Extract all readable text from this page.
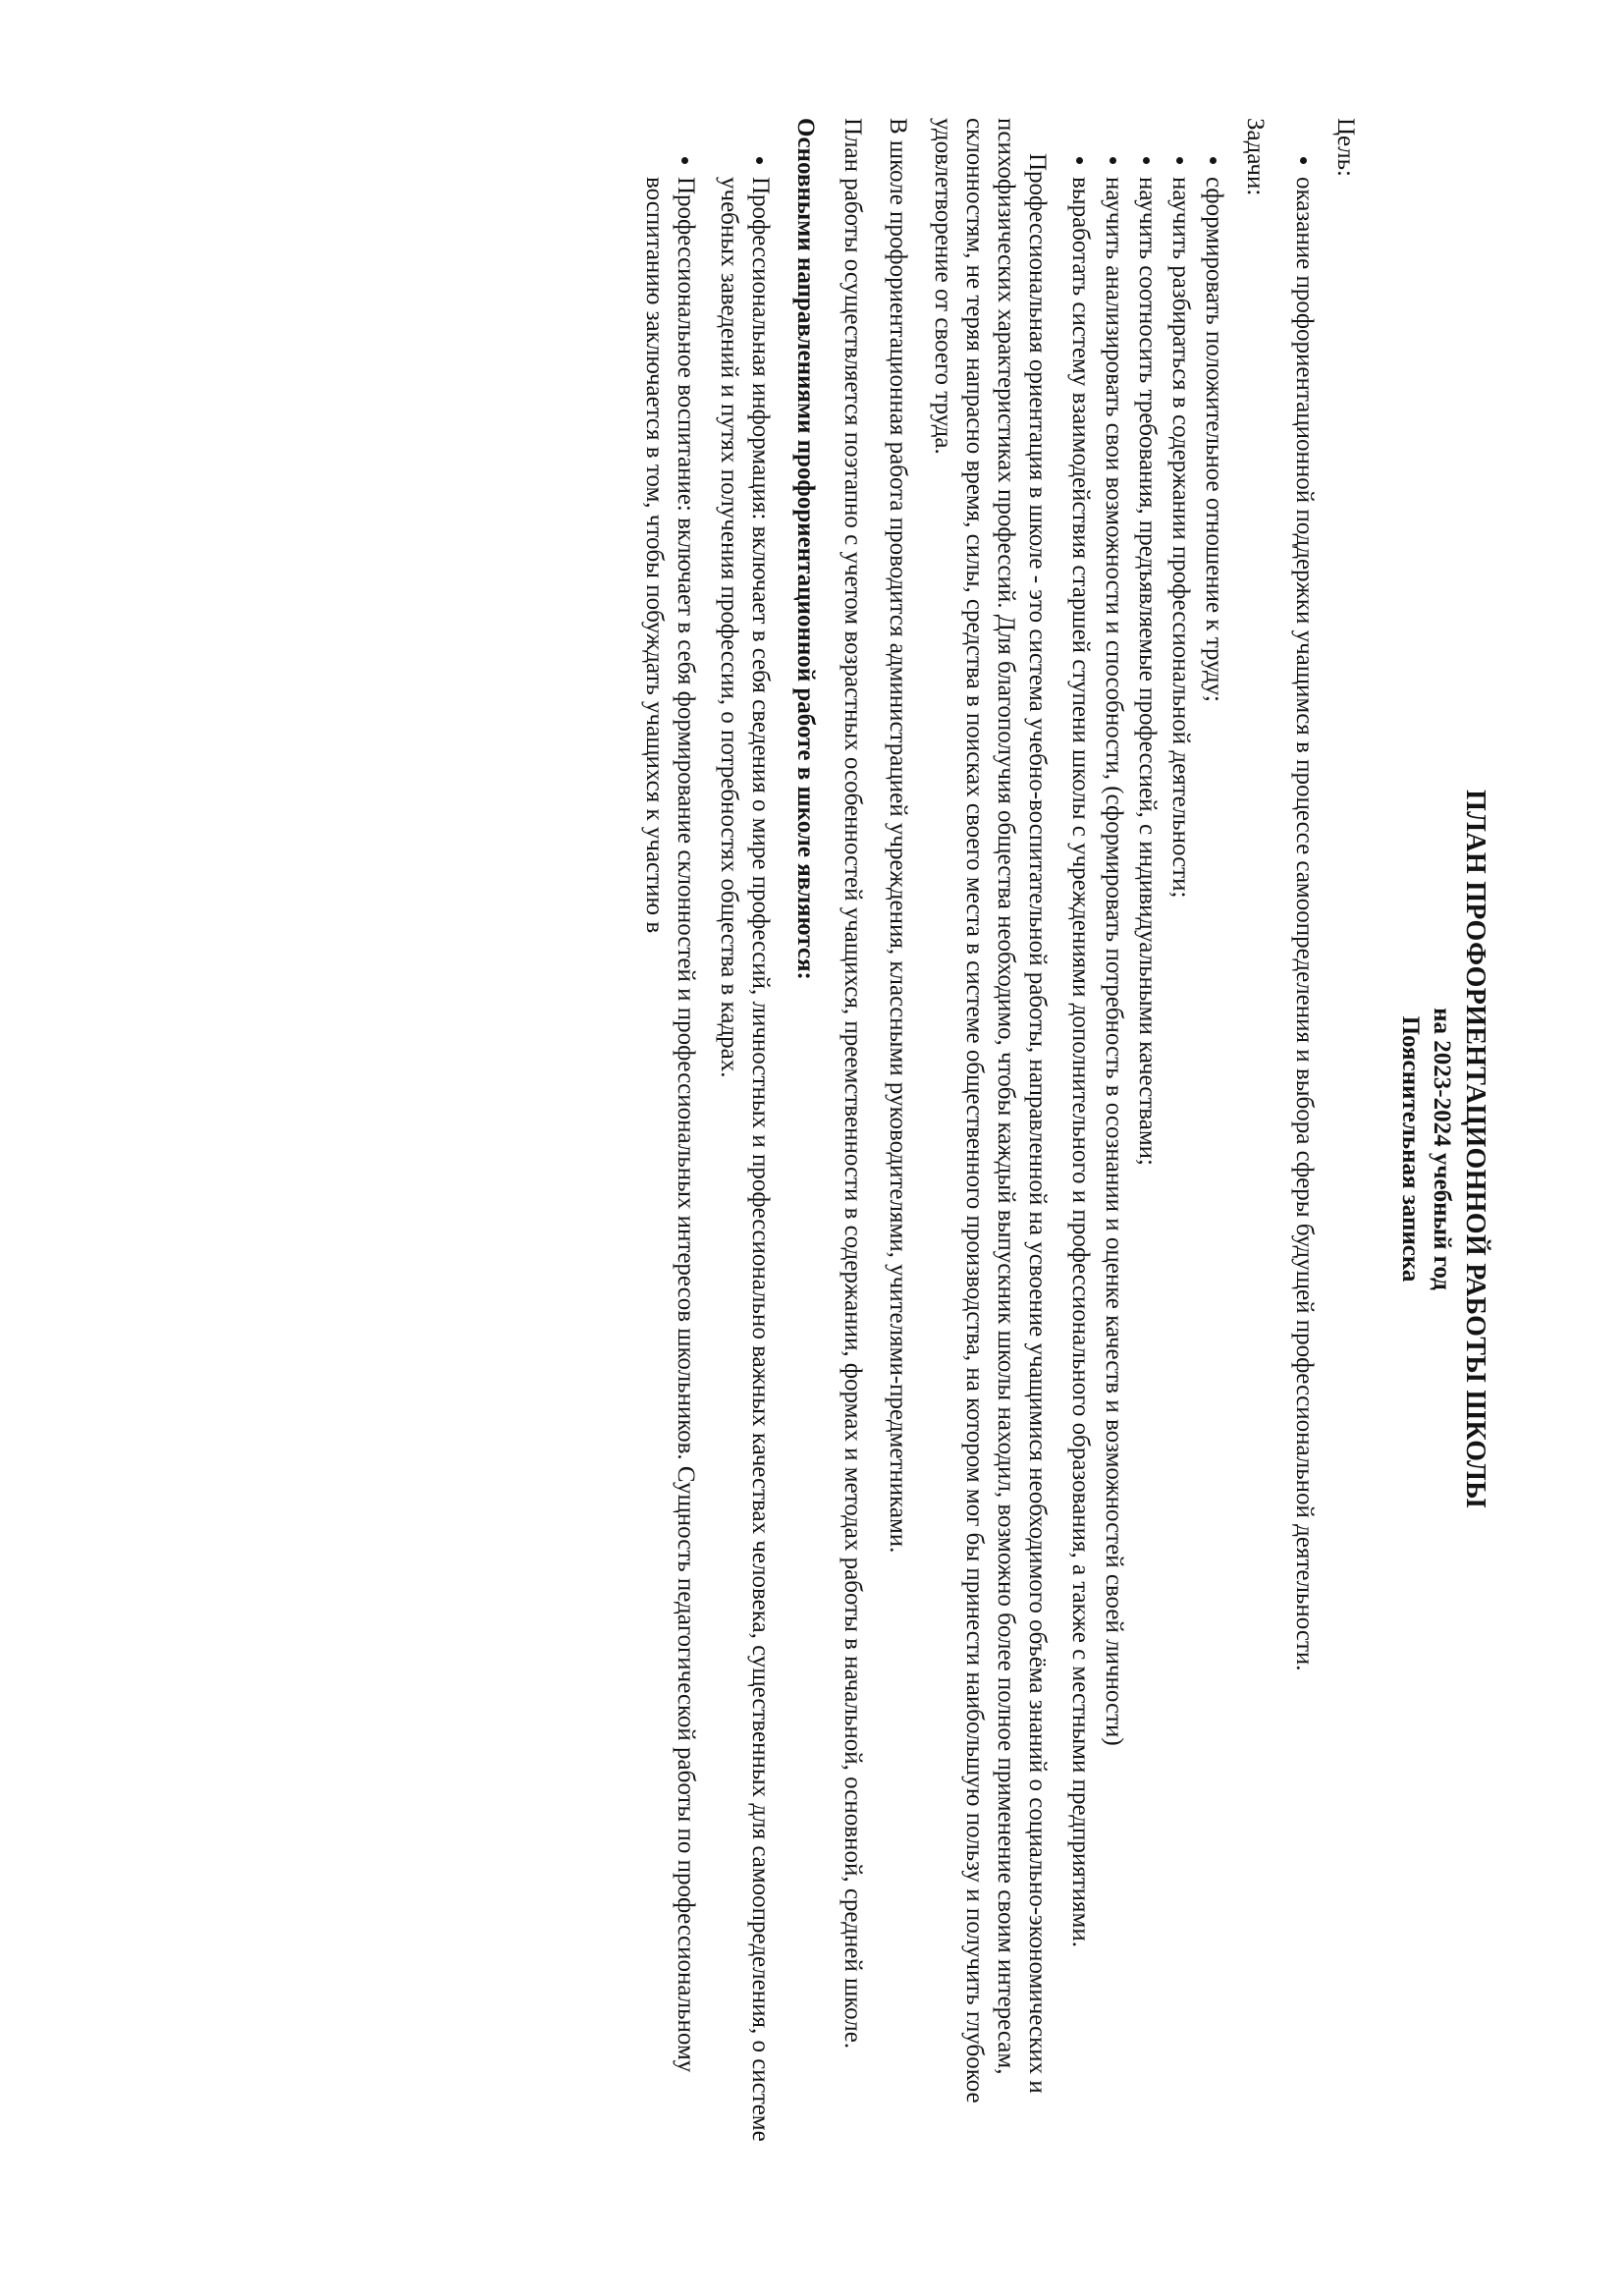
ПЛАН ПРОФОРИЕНТАЦИОННОЙ РАБОТЫ ШКОЛЫ
на 2023-2024 учебный год
Пояснительная записка
Цель:
• оказание профориентационной поддержки учащимся в процессе самоопределения и выбора сферы будущей профессиональной деятельности.
Задачи:
• сформировать положительное отношение к труду;
• научить разбираться в содержании профессиональной деятельности;
• научить соотносить требования, предъявляемые профессией, с индивидуальными качествами;
• научить анализировать свои возможности и способности, (сформировать потребность в осознании и оценке качеств и возможностей своей личности)
• выработать систему взаимодействия старшей ступени школы с учреждениями дополнительного и профессионального образования, а также с местными предприятиями.

Профессиональная ориентация в школе - это система учебно-воспитательной работы, направленной на усвоение учащимися необходимого объёма знаний о социально-экономических и психофизических характеристиках профессий. Для благополучия общества необходимо, чтобы каждый выпускник школы находил, возможно более полное применение своим интересам, склонностям, не теряя напрасно время, силы, средства в поисках своего места в системе общественного производства, на котором мог бы принести наибольшую пользу и получить глубокое удовлетворение от своего труда.

В школе профориентационная работа проводится администрацией учреждения, классными руководителями, учителями-предметниками.

План работы осуществляется поэтапно с учетом возрастных особенностей учащихся, преемственности в содержании, формах и методах работы в начальной, основной, средней школе.

Основными направлениями профориентационной работе в школе являются:
• Профессиональная информация: включает в себя сведения о мире профессий, личностных и профессионально важных качествах человека, существенных для самоопределения, о системе учебных заведений и путях получения профессии, о потребностях общества в кадрах.
• Профессиональное воспитание: включает в себя формирование склонностей и профессиональных интересов школьников. Сущность педагогической работы по профессиональному воспитанию заключается в том, чтобы побуждать учащихся к участию в
